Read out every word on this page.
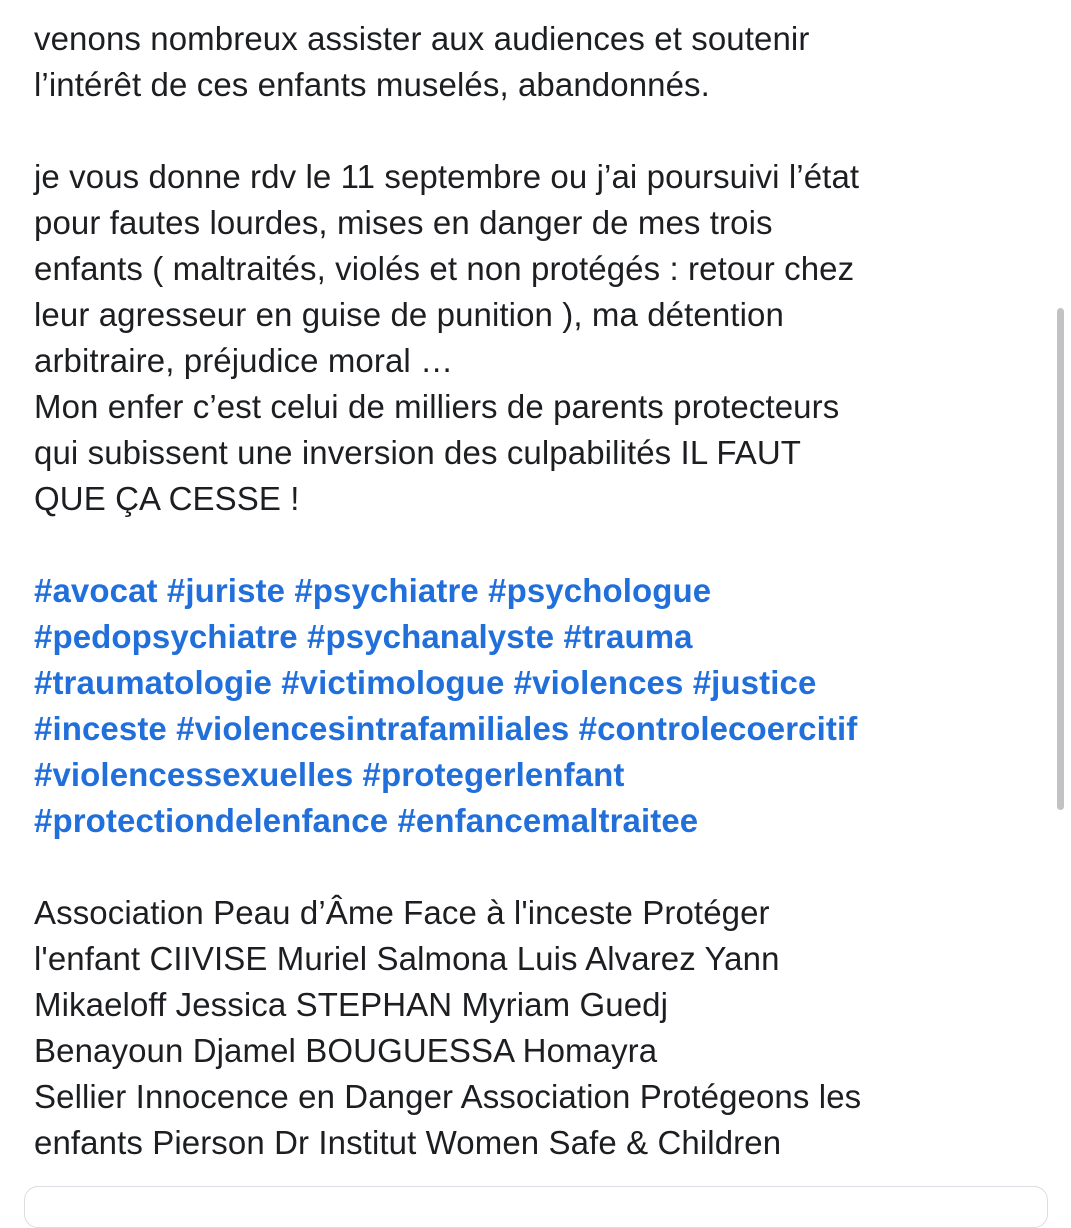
venons nombreux assister aux audiences et soutenir
l’intérêt de ces enfants muselés, abandonnés.
je vous donne rdv le 11 septembre ou j’ai poursuivi l’état
pour fautes lourdes, mises en danger de mes trois
enfants ( maltraités, violés et non protégés : retour chez
leur agresseur en guise de punition ), ma détention
arbitraire, préjudice moral …
Mon enfer c’est celui de milliers de parents protecteurs
qui subissent une inversion des culpabilités IL FAUT
QUE ÇA CESSE !
#avocat #juriste #psychiatre #psychologue
#pedopsychiatre #psychanalyste #trauma
#traumatologie #victimologue #violences #justice
#inceste #violencesintrafamiliales #controlecoercitif
#violencessexuelles #protegerlenfant
#protectiondelenfance #enfancemaltraitee
Association Peau d’Âme Face à l'inceste Protéger
l'enfant CIIVISE Muriel Salmona Luis Alvarez Yann
Mikaeloff Jessica STEPHAN Myriam Guedj
Benayoun Djamel BOUGUESSA Homayra
Sellier Innocence en Danger Association Protégeons les
enfants Pierson Dr Institut Women Safe & Children
